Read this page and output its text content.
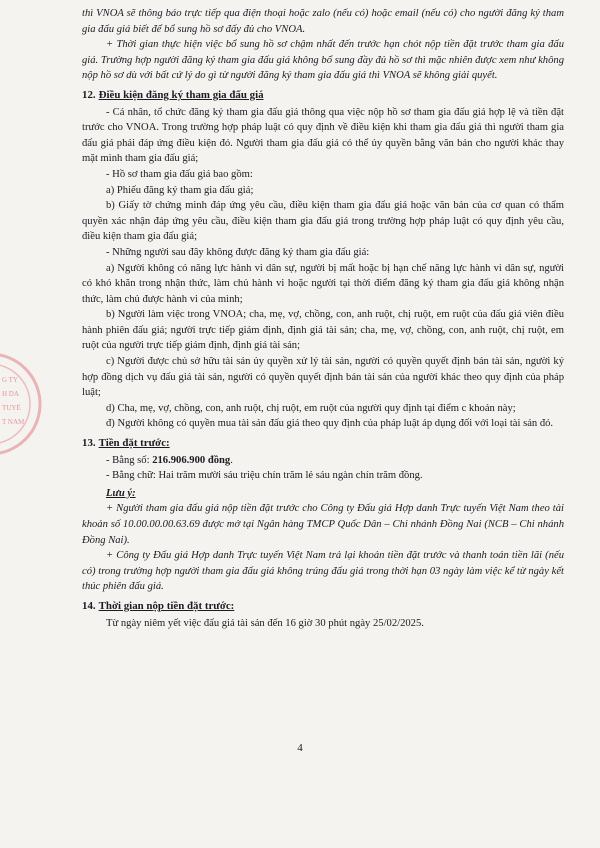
G TY
H DA
TUYẾ
T NAM

thì VNOA sẽ thông báo trực tiếp qua điện thoại hoặc zalo (nếu có) hoặc email (nếu có) cho người đăng ký tham gia đấu giá biết để bổ sung hồ sơ đấy đủ cho VNOA.

+ Thời gian thực hiện việc bổ sung hồ sơ chậm nhất đến trước hạn chót nộp tiền đặt trước tham gia đấu giá. Trường hợp người đăng ký tham gia đấu giá không bổ sung đầy đủ hồ sơ thì mặc nhiên được xem như không nộp hồ sơ dù với bất cứ lý do gì từ người đăng ký tham gia đấu giá thì VNOA sẽ không giải quyết.

12. Điều kiện đăng ký tham gia đấu giá

- Cá nhân, tổ chức đăng ký tham gia đấu giá thông qua việc nộp hồ sơ tham gia đấu giá hợp lệ và tiền đặt trước cho VNOA. Trong trường hợp pháp luật có quy định về điều kiện khi tham gia đấu giá thì người tham gia đấu giá phải đáp ứng điều kiện đó. Người tham gia đấu giá có thể ủy quyền bằng văn bản cho người khác thay mặt mình tham gia đấu giá;

- Hồ sơ tham gia đấu giá bao gồm:

a) Phiếu đăng ký tham gia đấu giá;

b) Giấy tờ chứng minh đáp ứng yêu cầu, điều kiện tham gia đấu giá hoặc văn bản của cơ quan có thẩm quyền xác nhận đáp ứng yêu cầu, điều kiện tham gia đấu giá trong trường hợp pháp luật có quy định yêu cầu, điều kiện tham gia đấu giá;

- Những người sau đây không được đăng ký tham gia đấu giá:

a) Người không có năng lực hành vi dân sự, người bị mất hoặc bị hạn chế năng lực hành vi dân sự, người có khó khăn trong nhận thức, làm chủ hành vi hoặc người tại thời điểm đăng ký tham gia đấu giá không nhận thức, làm chủ được hành vi của mình;

b) Người làm việc trong VNOA; cha, mẹ, vợ, chồng, con, anh ruột, chị ruột, em ruột của đấu giá viên điều hành phiên đấu giá; người trực tiếp giám định, định giá tài sản; cha, mẹ, vợ, chồng, con, anh ruột, chị ruột, em ruột của người trực tiếp giám định, định giá tài sản;

c) Người được chủ sở hữu tài sản ủy quyền xử lý tài sản, người có quyền quyết định bán tài sản, người ký hợp đồng dịch vụ đấu giá tài sản, người có quyền quyết định bán tài sản của người khác theo quy định của pháp luật;

d) Cha, mẹ, vợ, chồng, con, anh ruột, chị ruột, em ruột của người quy định tại điểm c khoản này;

đ) Người không có quyền mua tài sản đấu giá theo quy định của pháp luật áp dụng đối với loại tài sản đó.

13. Tiền đặt trước:

- Bằng số: 216.906.900 đồng.

- Bằng chữ: Hai trăm mười sáu triệu chín trăm lẻ sáu ngàn chín trăm đồng.

Lưu ý:

+ Người tham gia đấu giá nộp tiền đặt trước cho Công ty Đấu giá Hợp danh Trực tuyến Việt Nam theo tài khoản số 10.00.00.00.63.69 được mở tại Ngân hàng TMCP Quốc Dân – Chi nhánh Đồng Nai (NCB – Chi nhánh Đồng Nai).

+ Công ty Đấu giá Hợp danh Trực tuyến Việt Nam trả lại khoản tiền đặt trước và thanh toán tiền lãi (nếu có) trong trường hợp người tham gia đấu giá không trúng đấu giá trong thời hạn 03 ngày làm việc kể từ ngày kết thúc phiên đấu giá.

14. Thời gian nộp tiền đặt trước:

Từ ngày niêm yết việc đấu giá tài sản đến 16 giờ 30 phút ngày 25/02/2025.

4
